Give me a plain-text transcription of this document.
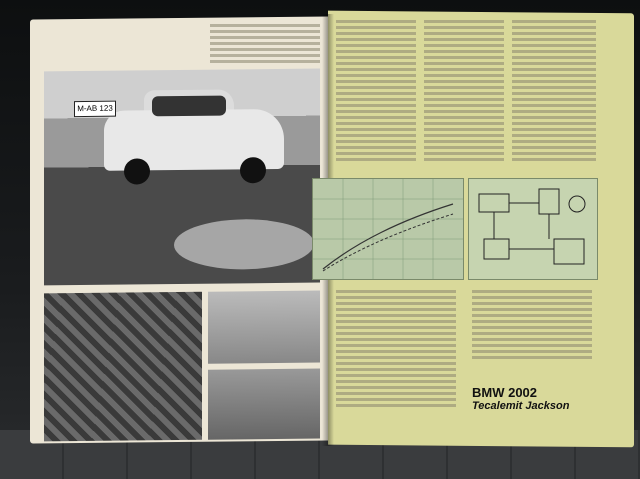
M-AB 123
BMW 2002
Tecalemit Jackson
